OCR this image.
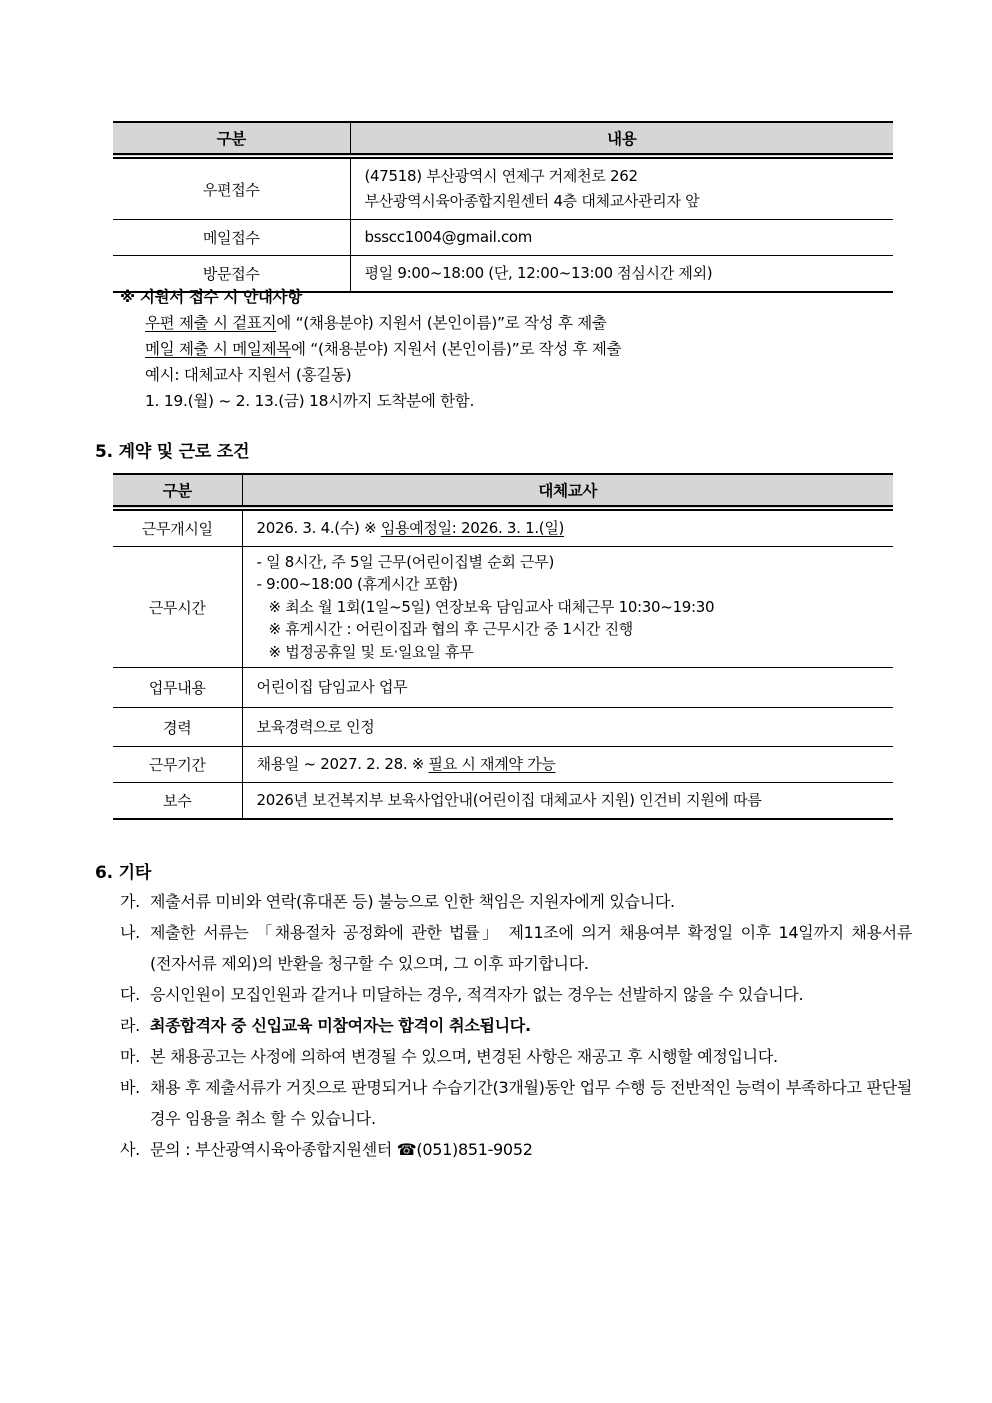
구분	내용
우편접수	(47518) 부산광역시 연제구 거제천로 262
부산광역시육아종합지원센터 4층 대체교사관리자 앞

메일접수	bsscc1004@gmail.com
방문접수	평일 9:00~18:00 (단, 12:00~13:00 점심시간 제외)
※ 지원서 접수 시 안내사항
우편 제출 시 겉표지에 “(채용분야) 지원서 (본인이름)”로 작성 후 제출
메일 제출 시 메일제목에 “(채용분야) 지원서 (본인이름)”로 작성 후 제출
예시: 대체교사 지원서 (홍길동)
1. 19.(월) ~ 2. 13.(금) 18시까지 도착분에 한함.
5. 계약 및 근로 조건
구분	대체교사
근무개시일	2026. 3. 4.(수) ※ 임용예정일: 2026. 3. 1.(일)
근무시간	- 일 8시간, 주 5일 근무(어린이집별 순회 근무)
- 9:00~18:00 (휴게시간 포함)
※ 최소 월 1회(1일~5일) 연장보육 담임교사 대체근무 10:30~19:30
※ 휴게시간 : 어린이집과 협의 후 근무시간 중 1시간 진행
※ 법정공휴일 및 토·일요일 휴무

업무내용	어린이집 담임교사 업무
경력	보육경력으로 인정
근무기간	채용일 ~ 2027. 2. 28. ※ 필요 시 재계약 가능
보수	2026년 보건복지부 보육사업안내(어린이집 대체교사 지원) 인건비 지원에 따름
6. 기타
가. 제출서류 미비와 연락(휴대폰 등) 불능으로 인한 책임은 지원자에게 있습니다.
나. 제출한 서류는 「채용절차 공정화에 관한 법률」 제11조에 의거 채용여부 확정일 이후 14일까지 채용서류(전자서류 제외)의 반환을 청구할 수 있으며, 그 이후 파기합니다.
다. 응시인원이 모집인원과 같거나 미달하는 경우, 적격자가 없는 경우는 선발하지 않을 수 있습니다.
라. 최종합격자 중 신입교육 미참여자는 합격이 취소됩니다.
마. 본 채용공고는 사정에 의하여 변경될 수 있으며, 변경된 사항은 재공고 후 시행할 예정입니다.
바. 채용 후 제출서류가 거짓으로 판명되거나 수습기간(3개월)동안 업무 수행 등 전반적인 능력이 부족하다고 판단될 경우 임용을 취소 할 수 있습니다.
사. 문의 : 부산광역시육아종합지원센터 ☎(051)851-9052
